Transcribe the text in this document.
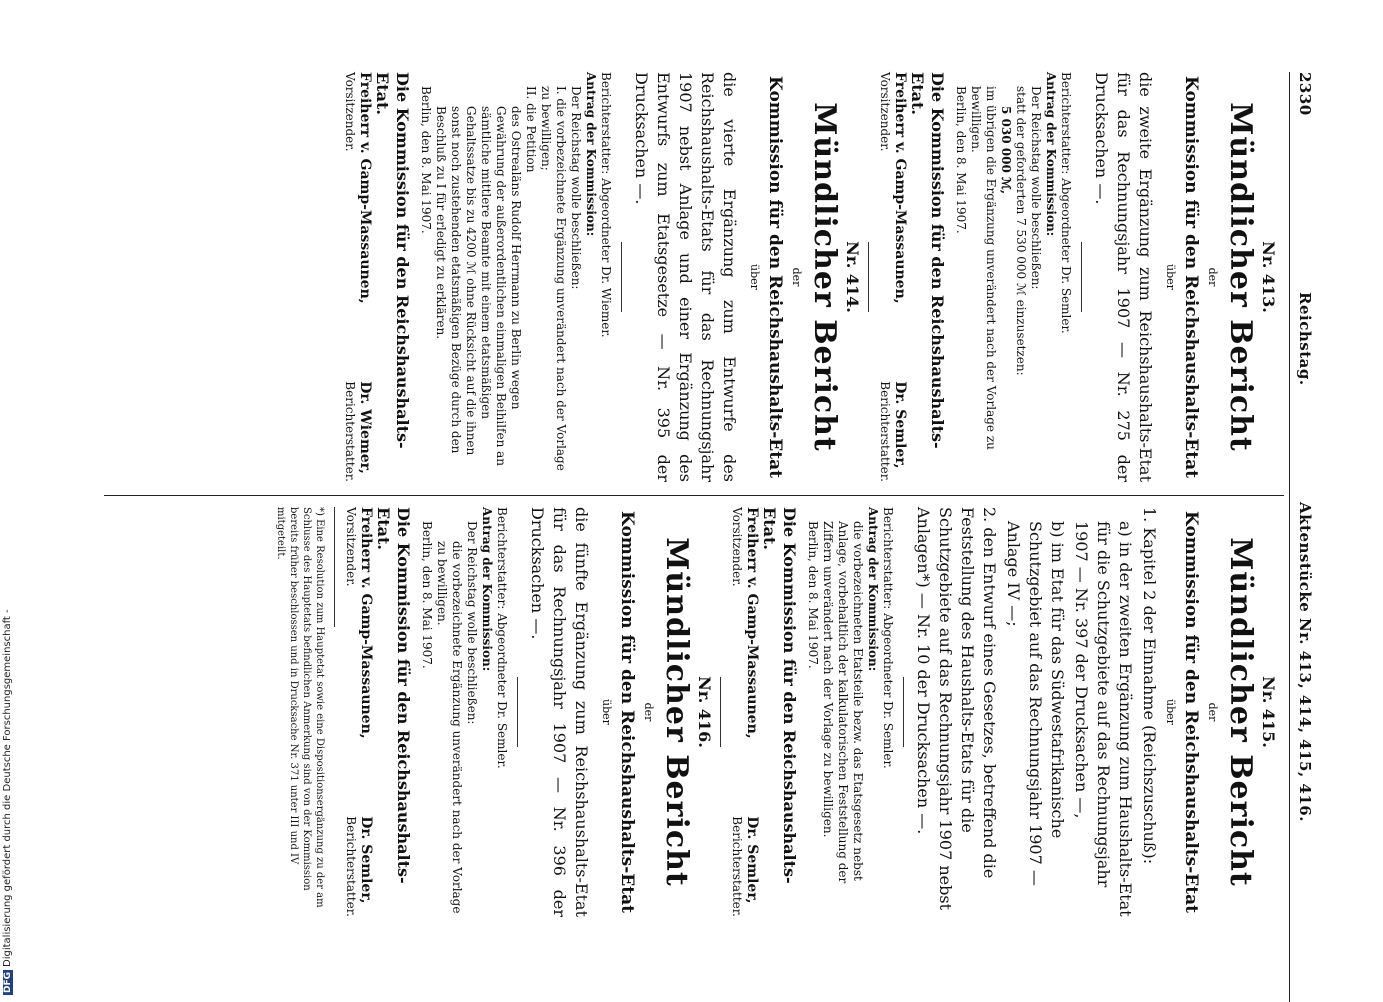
DFGDigitalisierung gefördert durch die Deutsche Forschungsgemeinschaft -
2330
Reichstag.
Aktenstücke Nr. 413, 414, 415, 416.
Nr. 413.
Mündlicher Bericht
der
Kommission für den Reichshaushalts-Etat
über
die zweite Ergänzung zum Reichshaushalts-Etat für das Rechnungsjahr 1907 — Nr. 275 der Drucksachen —.
Berichterstatter: Abgeordneter Dr. Semler.
Antrag der Kommission:
Der Reichstag wolle beschließen:
statt der geforderten 7 530 000 ℳ einzusetzen:
5 030 000 ℳ,
im übrigen die Ergänzung unverändert nach der Vorlage zu bewilligen.
Berlin, den 8. Mai 1907.
Die Kommission für den Reichshaushalts-Etat.
Freiherr v. Gamp-Massaunen,
Vorsitzender.
Dr. Semler,
Berichterstatter.
Nr. 414.
Mündlicher Bericht
der
Kommission für den Reichshaushalts-Etat
über
die vierte Ergänzung zum Entwurfe des Reichshaushalts-Etats für das Rechnungsjahr 1907 nebst Anlage und einer Ergänzung des Entwurfs zum Etatsgesetze — Nr. 395 der Drucksachen —.
Berichterstatter: Abgeordneter Dr. Wiemer.
Antrag der Kommission:
Der Reichstag wolle beschließen:
I. die vorbezeichnete Ergänzung unverändert nach der Vorlage zu bewilligen;
II. die Petition
des Ostrealäns Rudolf Herrmann zu Berlin wegen Gewährung der außerordentlichen einmaligen Beihilfen an sämtliche mittlere Beamte mit einem etatsmäßigen Gehaltssatze bis zu 4200 ℳ ohne Rücksicht auf die ihnen sonst noch zustehenden etatsmäßigen Bezüge durch den Beschluß zu I für erledigt zu erklären.
Berlin, den 8. Mai 1907.
Die Kommission für den Reichshaushalts-Etat.
Freiherr v. Gamp-Massaunen,
Vorsitzender.
Dr. Wiemer,
Berichterstatter.
Nr. 415.
Mündlicher Bericht
der
Kommission für den Reichshaushalts-Etat
über
1. Kapitel 2 der Einnahme (Reichszuschuß):
a) in der zweiten Ergänzung zum Haushalts-Etat für die Schutzgebiete auf das Rechnungsjahr 1907 — Nr. 397 der Drucksachen —,
b) im Etat für das Südwestafrikanische Schutzgebiet auf das Rechnungsjahr 1907 — Anlage IV —;
2. den Entwurf eines Gesetzes, betreffend die Feststellung des Haushalts-Etats für die Schutzgebiete auf das Rechnungsjahr 1907 nebst Anlagen*) — Nr. 10 der Drucksachen —.
Berichterstatter: Abgeordneter Dr. Semler.
Antrag der Kommission:
die vorbezeichneten Etatsteile bezw. das Etatsgesetz nebst Anlage, vorbehaltlich der kalkulatorischen Feststellung der Ziffern unverändert nach der Vorlage zu bewilligen.
Berlin, den 8. Mai 1907.
Die Kommission für den Reichshaushalts-Etat.
Freiherr v. Gamp-Massaunen,
Vorsitzender.
Dr. Semler,
Berichterstatter.
Nr. 416.
Mündlicher Bericht
der
Kommission für den Reichshaushalts-Etat
über
die fünfte Ergänzung zum Reichshaushalts-Etat für das Rechnungsjahr 1907 — Nr. 396 der Drucksachen —.
Berichterstatter: Abgeordneter Dr. Semler.
Antrag der Kommission:
Der Reichstag wolle beschließen:
die vorbezeichnete Ergänzung unverändert nach der Vorlage zu bewilligen.
Berlin, den 8. Mai 1907.
Die Kommission für den Reichshaushalts-Etat.
Freiherr v. Gamp-Massaunen,
Vorsitzender.
Dr. Semler,
Berichterstatter.
*) Eine Resolution zum Hauptetat sowie eine Dispositionsergänzung zu der am Schlusse des Hauptetats befindlichen Anmerkung sind von der Kommission bereits früher beschlossen und in Drucksache Nr. 371 unter III und IV mitgeteilt.
